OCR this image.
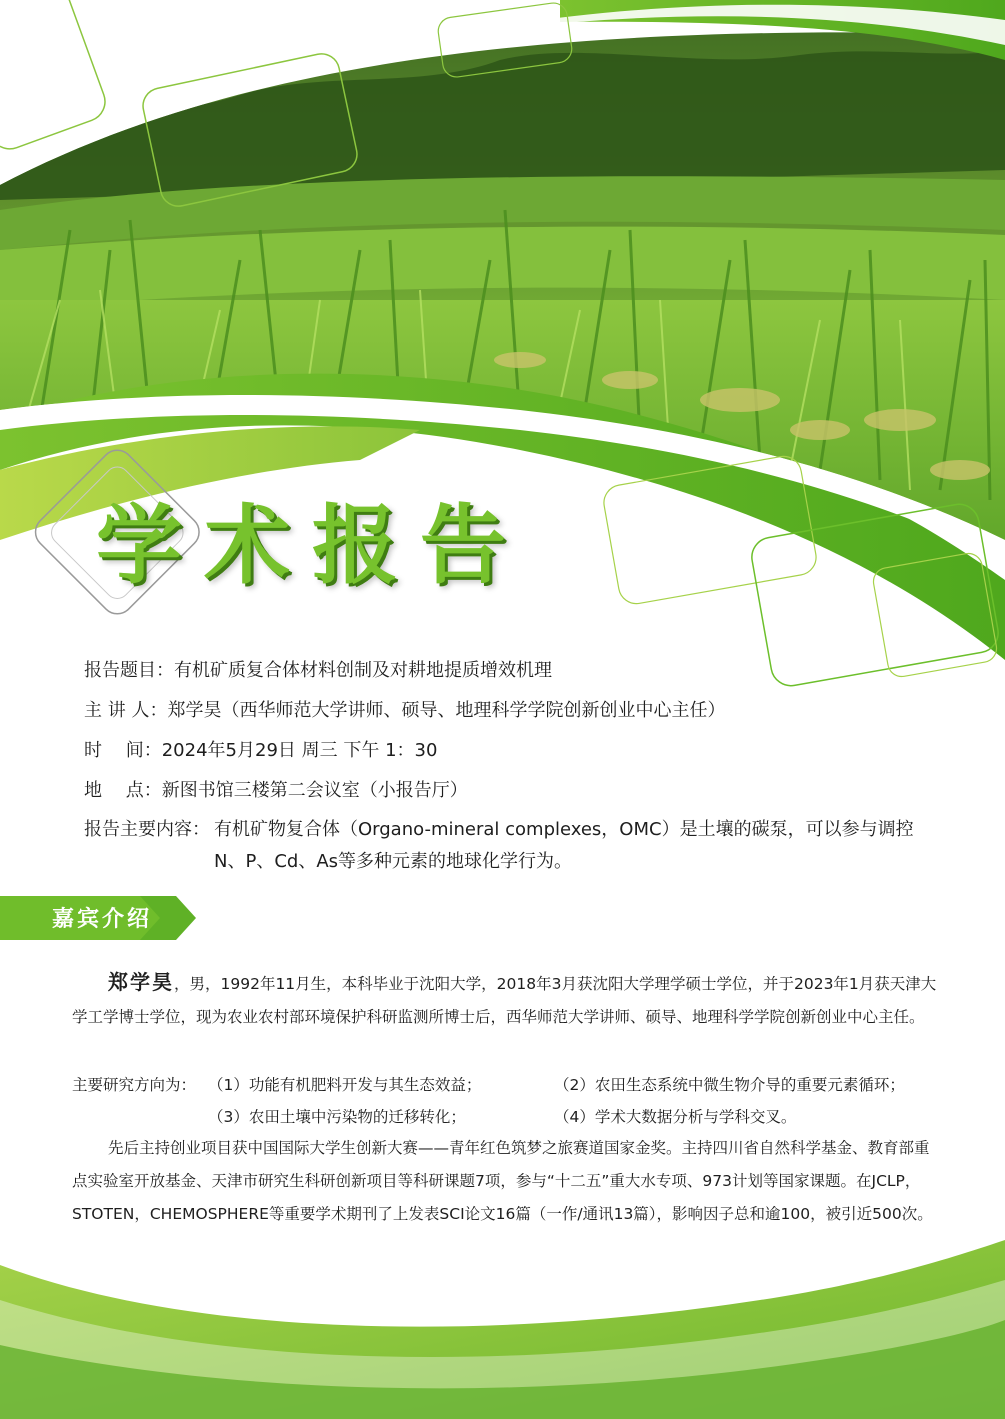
学术报告
报告题目：有机矿质复合体材料创制及对耕地提质增效机理
主 讲 人：郑学昊（西华师范大学讲师、硕导、地理科学学院创新创业中心主任）
时　 间：2024年5月29日 周三 下午 1：30
地　 点：新图书馆三楼第二会议室（小报告厅）
报告主要内容： 有机矿物复合体（Organo-mineral complexes，OMC）是土壤的碳泵，可以参与调控
N、P、Cd、As等多种元素的地球化学行为。
嘉宾介绍

郑学昊，男，1992年11月生，本科毕业于沈阳大学，2018年3月获沈阳大学理学硕士学位，并于2023年1月获天津大学工学博士学位，现为农业农村部环境保护科研监测所博士后，西华师范大学讲师、硕导、地理科学学院创新创业中心主任。

主要研究方向为： （1）功能有机肥料开发与其生态效益；	（2）农田生态系统中微生物介导的重要元素循环；
（3）农田土壤中污染物的迁移转化；	（4）学术大数据分析与学科交叉。

先后主持创业项目获中国国际大学生创新大赛——青年红色筑梦之旅赛道国家金奖。主持四川省自然科学基金、教育部重点实验室开放基金、天津市研究生科研创新项目等科研课题7项，参与“十二五”重大水专项、973计划等国家课题。在JCLP，STOTEN，CHEMOSPHERE等重要学术期刊了上发表SCI论文16篇（一作/通讯13篇），影响因子总和逾100，被引近500次。
